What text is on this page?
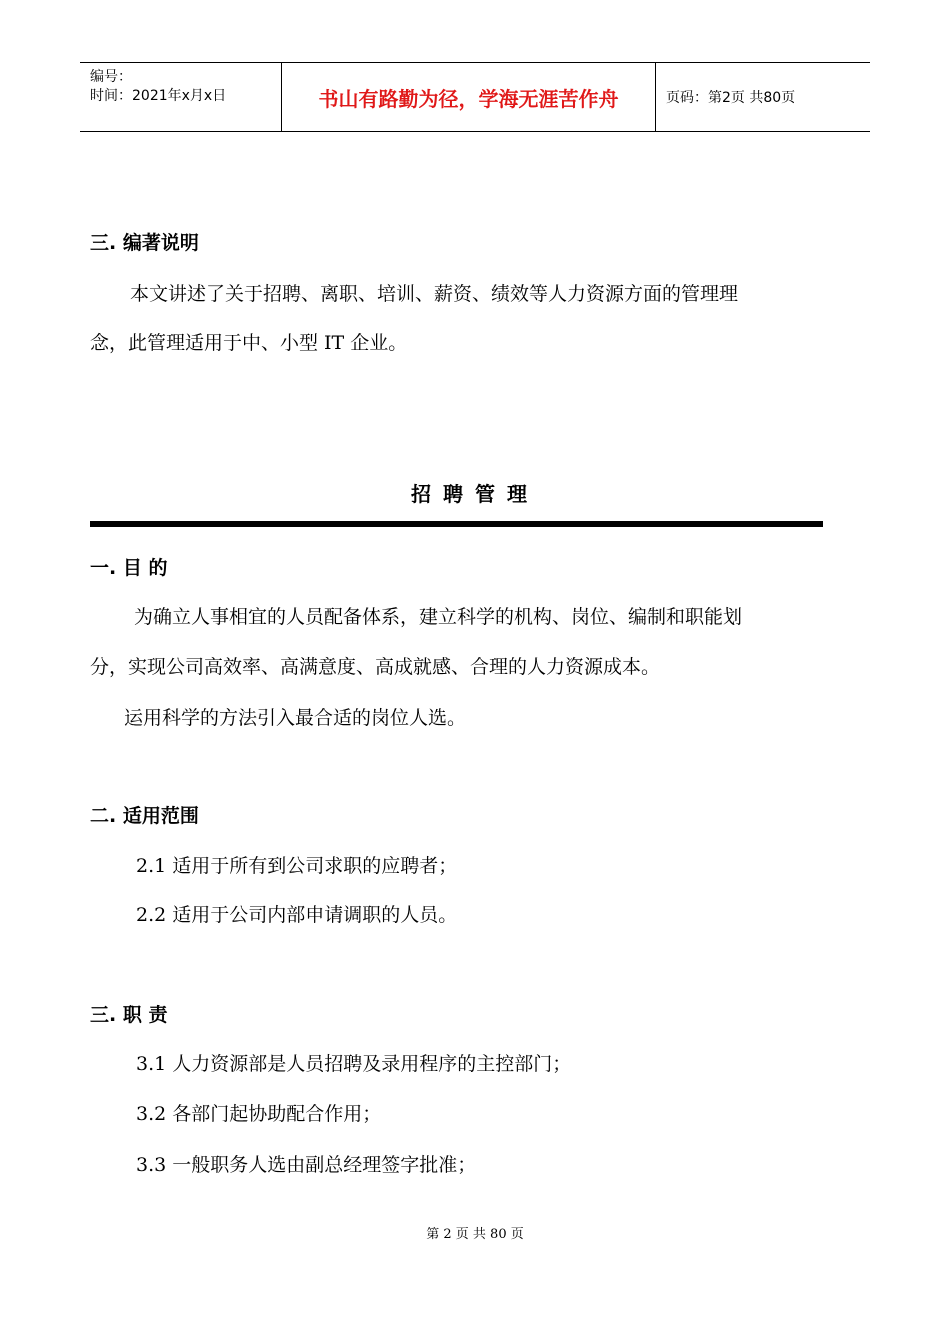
编号：
时间：2021年x月x日	书山有路勤为径，学海无涯苦作舟	页码：第2页 共80页
三. 编著说明
本文讲述了关于招聘、离职、培训、薪资、绩效等人力资源方面的管理理
念，此管理适用于中、小型 IT 企业。
招聘管理
一. 目 的
为确立人事相宜的人员配备体系，建立科学的机构、岗位、编制和职能划
分，实现公司高效率、高满意度、高成就感、合理的人力资源成本。
运用科学的方法引入最合适的岗位人选。
二. 适用范围
2.1 适用于所有到公司求职的应聘者；
2.2 适用于公司内部申请调职的人员。
三. 职 责
3.1 人力资源部是人员招聘及录用程序的主控部门；
3.2 各部门起协助配合作用；
3.3 一般职务人选由副总经理签字批准；
第 2 页 共 80 页
